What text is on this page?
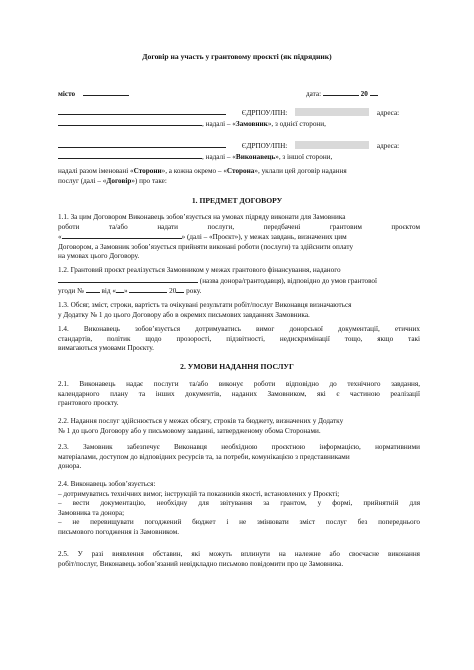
Договір на участь у грантовому проєкті (як підрядник)
місто	дата:	20
ЄДРПОУ/ІПН:	адреса:
, надалі – «Замовник», з однієї сторони,
ЄДРПОУ/ІПН:	адреса:
, надалі – «Виконавець», з іншої сторони,
надалі разом іменовані «Сторони», а кожна окремо – «Сторона», уклали цей договір надання
послуг (далі – «Договір») про таке:
1. ПРЕДМЕТ ДОГОВОРУ
1.1. За цим Договором Виконавець зобов’язується на умовах підряду виконати для Замовника
роботи та/або надати послуги, передбачені грантовим проєктом
«	» (далі – «Проєкт»), у межах завдань, визначених цим
Договором, а Замовник зобов’язується прийняти виконані роботи (послуги) та здійснити оплату
на умовах цього Договору.
1.2. Грантовий проєкт реалізується Замовником у межах грантового фінансування, наданого
(назва донора/грантодавця), відповідно до умов грантової
угоди № від « »	20 року.
1.3. Обсяг, зміст, строки, вартість та очікувані результати робіт/послуг Виконавця визначаються
у Додатку № 1 до цього Договору або в окремих письмових завданнях Замовника.
1.4. Виконавець зобов’язується дотримуватись вимог донорської документації, етичних
стандартів, політик щодо прозорості, підзвітності, недискримінації тощо, якщо такі
вимагаються умовами Проєкту.
2. УМОВИ НАДАННЯ ПОСЛУГ
2.1. Виконавець надає послуги та/або виконує роботи відповідно до технічного завдання,
календарного плану та інших документів, наданих Замовником, які є частиною реалізації
грантового проєкту.
2.2. Надання послуг здійснюється у межах обсягу, строків та бюджету, визначених у Додатку
№ 1 до цього Договору або у письмовому завданні, затвердженому обома Сторонами.
2.3. Замовник забезпечує Виконавця необхідною проєктною інформацією, нормативними
матеріалами, доступом до відповідних ресурсів та, за потреби, комунікацією з представниками
донора.
2.4. Виконавець зобов’язується:
– дотримуватись технічних вимог, інструкцій та показників якості, встановлених у Проєкті;
– вести документацію, необхідну для звітування за грантом, у формі, прийнятній для
Замовника та донора;
– не перевищувати погоджений бюджет і не змінювати зміст послуг без попереднього
письмового погодження із Замовником.
2.5. У разі виявлення обставин, які можуть вплинути на належне або своєчасне виконання
робіт/послуг, Виконавець зобов’язаний невідкладно письмово повідомити про це Замовника.
